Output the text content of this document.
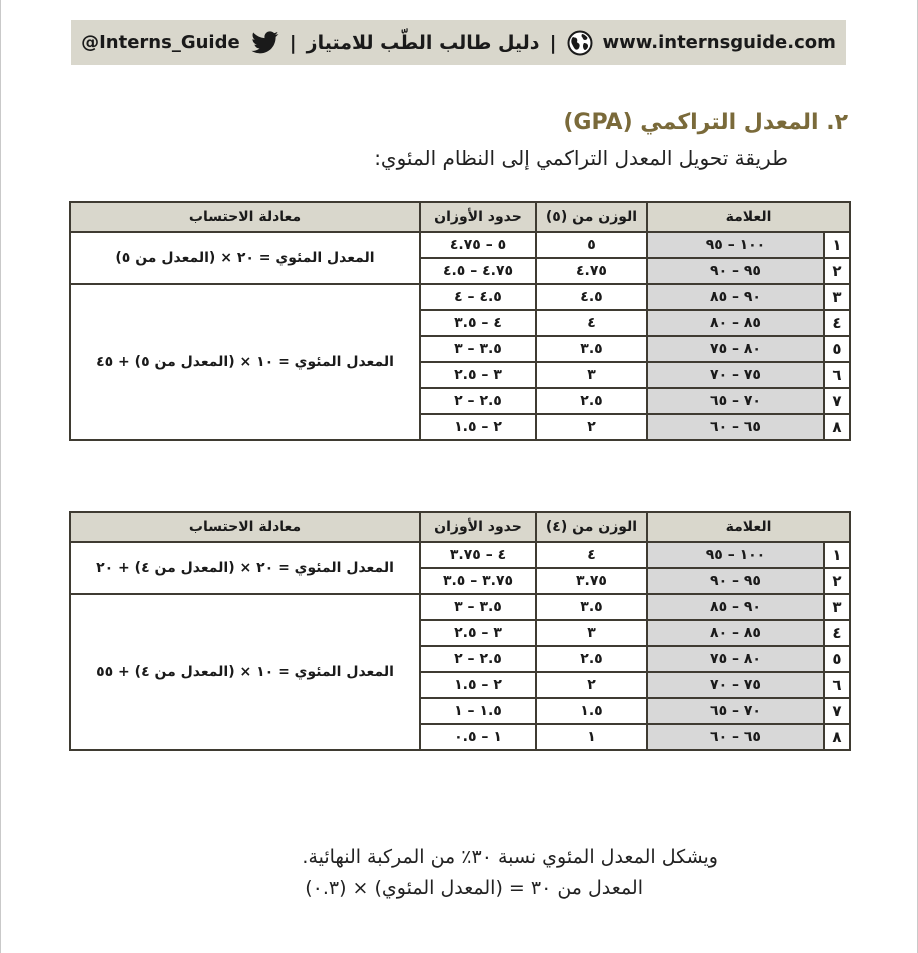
@Interns_Guide	| دليل طالب الطّب للامتياز |	www.internsguide.com
٢. المعدل التراكمي (GPA)
طريقة تحويل المعدل التراكمي إلى النظام المئوي:
العلامة		الوزن من (٥)	حدود الأوزان	معادلة الاحتساب
١	١٠٠ – ٩٥	٥	٥ – ٤.٧٥	المعدل المئوي = ٢٠ × (المعدل من ٥)
٢	٩٥ – ٩٠	٤.٧٥	٤.٧٥ – ٤.٥	
٣	٩٠ – ٨٥	٤.٥	٤.٥ – ٤	المعدل المئوي = ١٠ × (المعدل من ٥) + ٤٥
٤	٨٥ – ٨٠	٤	٤ – ٣.٥	
٥	٨٠ – ٧٥	٣.٥	٣.٥ – ٣	
٦	٧٥ – ٧٠	٣	٣ – ٢.٥	
٧	٧٠ – ٦٥	٢.٥	٢.٥ – ٢	
٨	٦٥ – ٦٠	٢	٢ – ١.٥	
العلامة		الوزن من (٤)	حدود الأوزان	معادلة الاحتساب
١	١٠٠ – ٩٥	٤	٤ – ٣.٧٥	المعدل المئوي = ٢٠ × (المعدل من ٤) + ٢٠
٢	٩٥ – ٩٠	٣.٧٥	٣.٧٥ – ٣.٥	
٣	٩٠ – ٨٥	٣.٥	٣.٥ – ٣	المعدل المئوي = ١٠ × (المعدل من ٤) + ٥٥
٤	٨٥ – ٨٠	٣	٣ – ٢.٥	
٥	٨٠ – ٧٥	٢.٥	٢.٥ – ٢	
٦	٧٥ – ٧٠	٢	٢ – ١.٥	
٧	٧٠ – ٦٥	١.٥	١.٥ – ١	
٨	٦٥ – ٦٠	١	١ – ٠.٥	
ويشكل المعدل المئوي نسبة ٣٠٪ من المركبة النهائية.
المعدل من ٣٠ = (المعدل المئوي) × (٠.٣)
